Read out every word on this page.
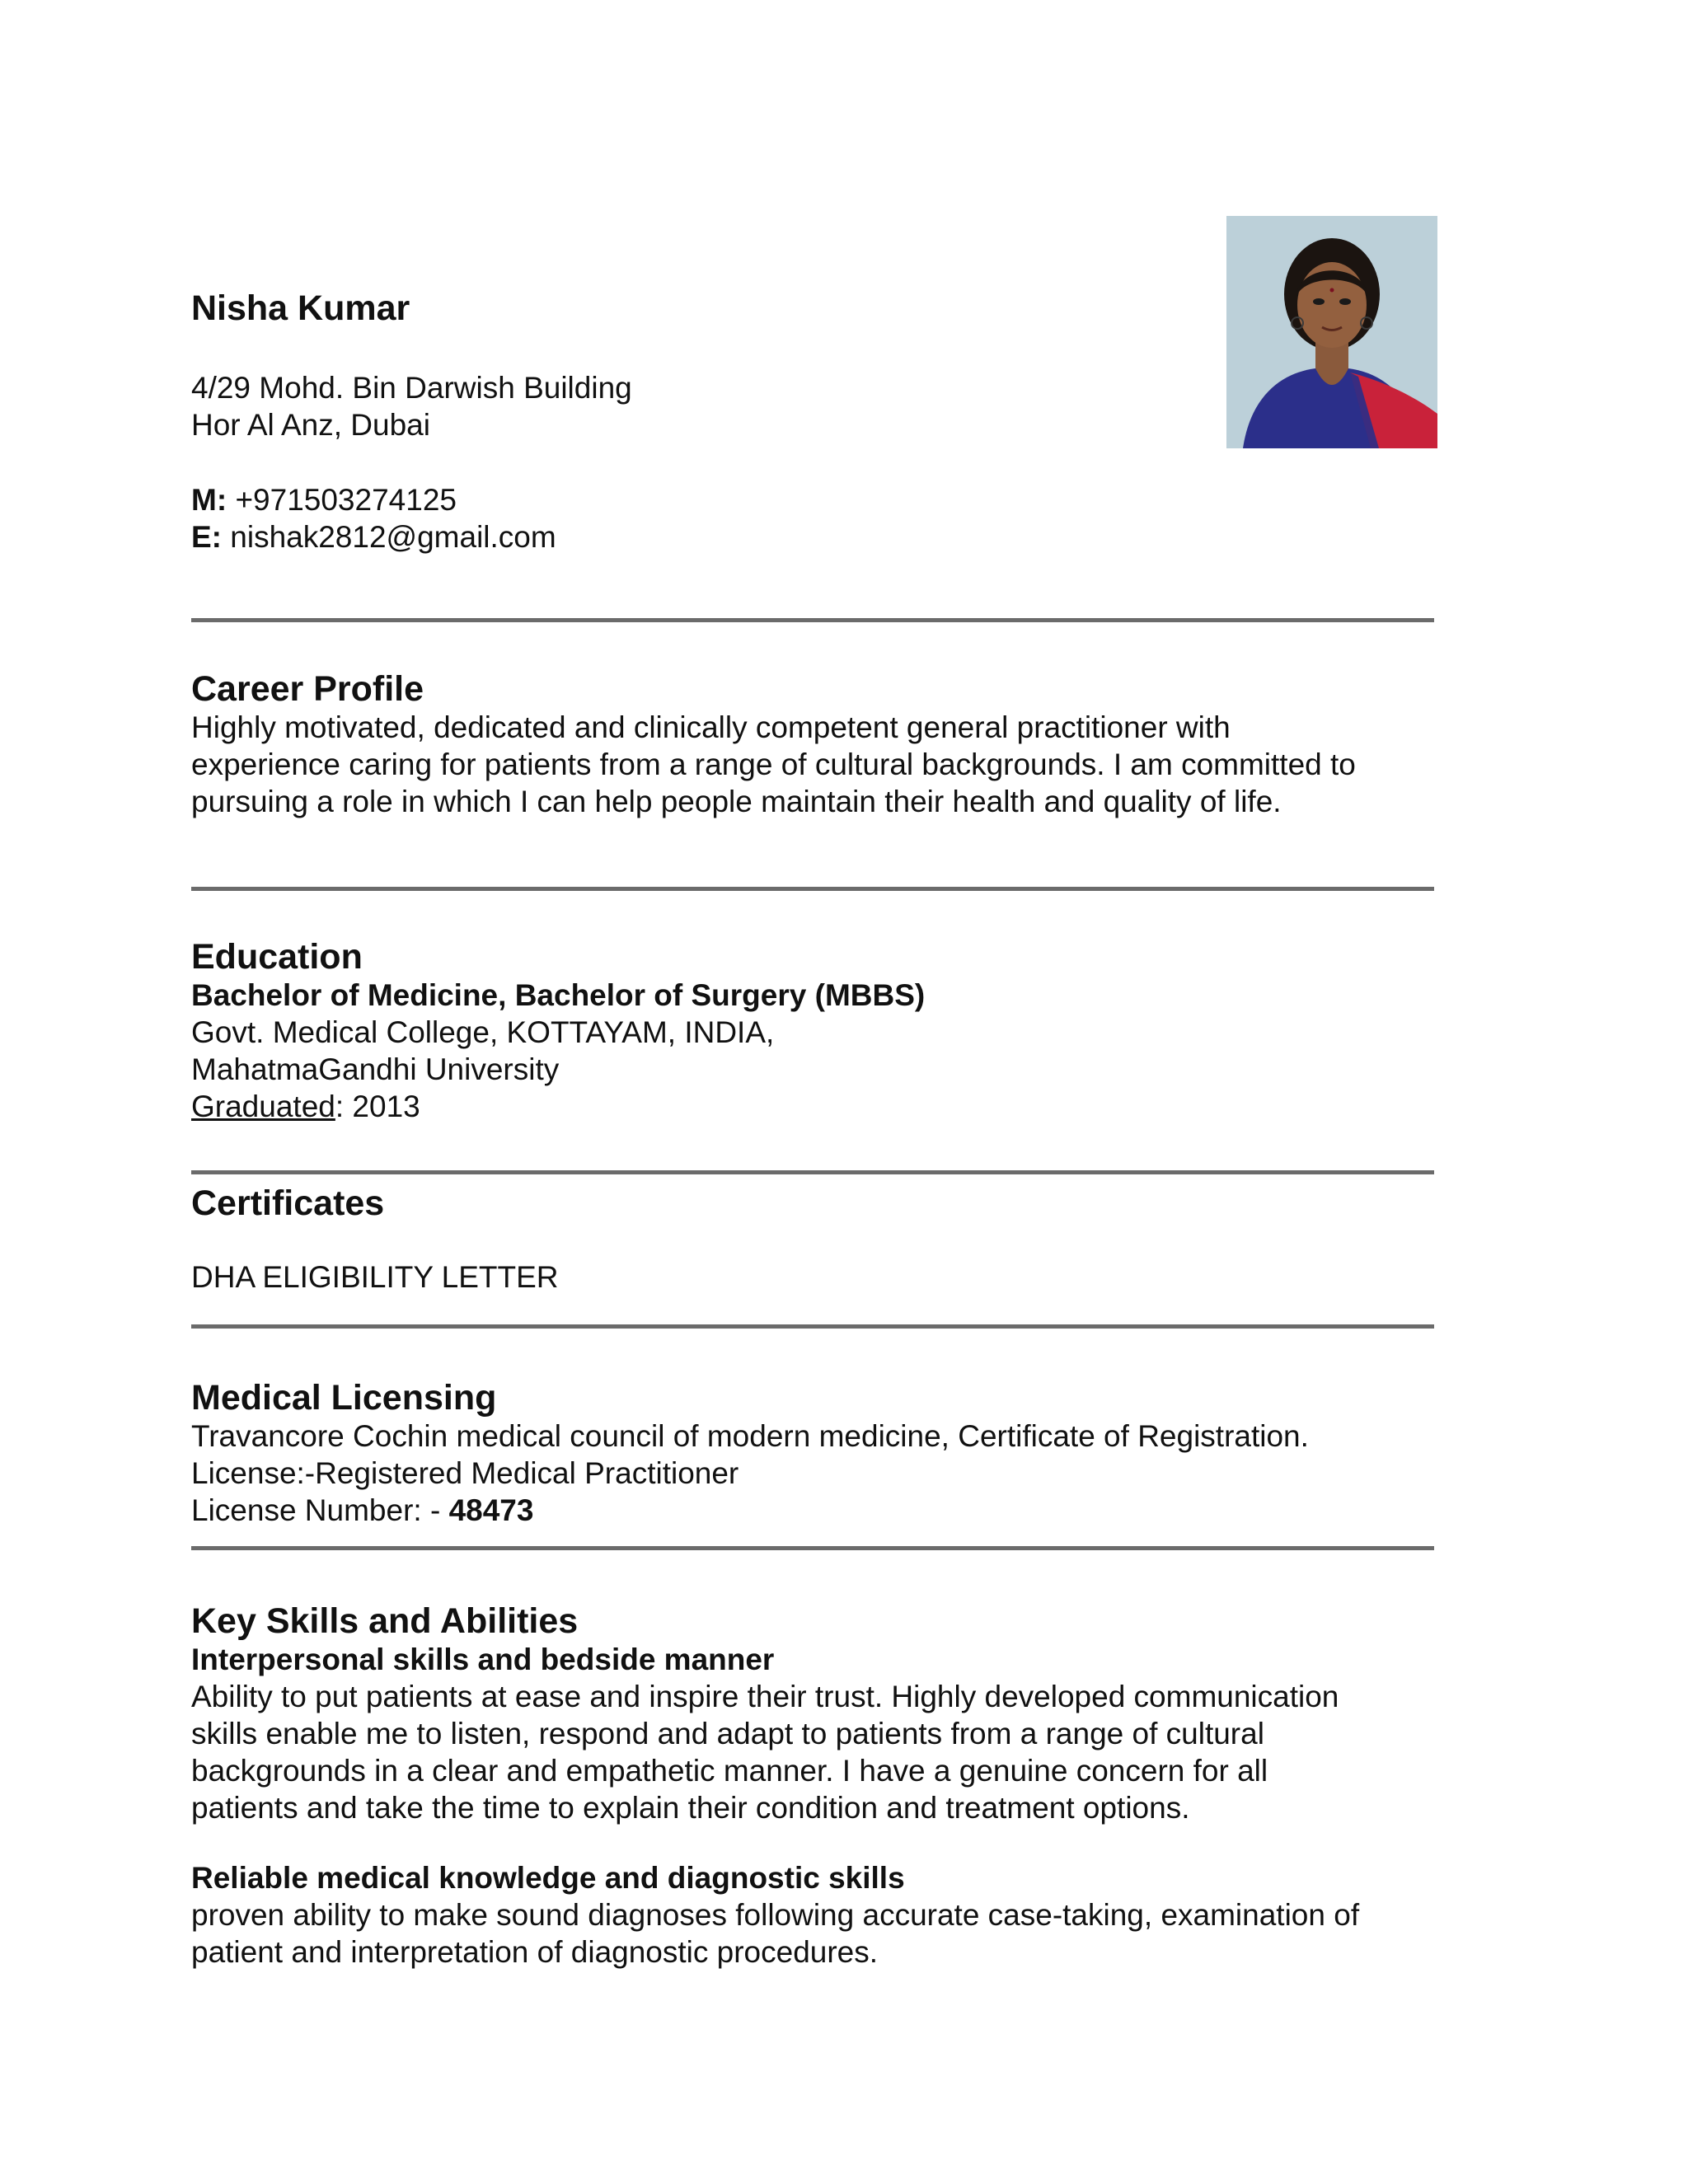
Nisha Kumar
4/29 Mohd. Bin Darwish Building
Hor Al Anz, Dubai
M: +971503274125
E: nishak2812@gmail.com
Career Profile
Highly motivated, dedicated and clinically competent general practitioner with
experience caring for patients from a range of cultural backgrounds. I am committed to
pursuing a role in which I can help people maintain their health and quality of life.
Education
Bachelor of Medicine, Bachelor of Surgery (MBBS)
Govt. Medical College, KOTTAYAM, INDIA,
MahatmaGandhi University
Graduated: 2013
Certificates
DHA ELIGIBILITY LETTER
Medical Licensing
Travancore Cochin medical council of modern medicine, Certificate of Registration.
License:-Registered Medical Practitioner
License Number: - 48473
Key Skills and Abilities
Interpersonal skills and bedside manner
Ability to put patients at ease and inspire their trust. Highly developed communication
skills enable me to listen, respond and adapt to patients from a range of cultural
backgrounds in a clear and empathetic manner. I have a genuine concern for all
patients and take the time to explain their condition and treatment options.
Reliable medical knowledge and diagnostic skills
proven ability to make sound diagnoses following accurate case-taking, examination of
patient and interpretation of diagnostic procedures.
